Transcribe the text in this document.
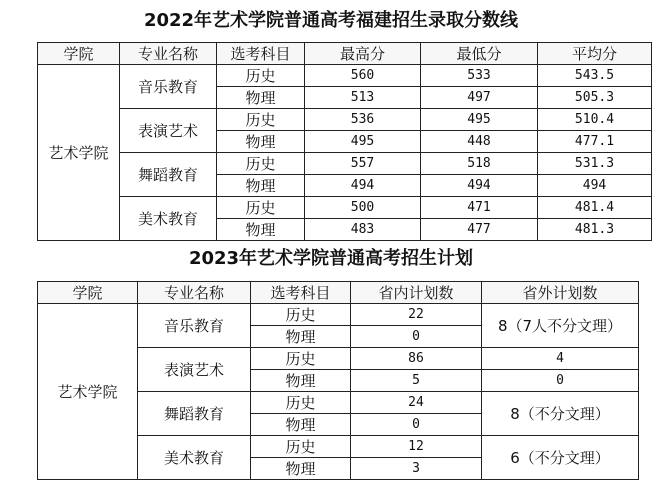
2022年艺术学院普通高考福建招生录取分数线
学院	专业名称	选考科目	最高分	最低分	平均分
艺术学院	音乐教育	历史	560	533	543.5
		物理	513	497	505.3
	表演艺术	历史	536	495	510.4
		物理	495	448	477.1
	舞蹈教育	历史	557	518	531.3
		物理	494	494	494
	美术教育	历史	500	471	481.4
		物理	483	477	481.3
2023年艺术学院普通高考招生计划
学院	专业名称	选考科目	省内计划数	省外计划数
艺术学院	音乐教育	历史	22	8（7人不分文理）
		物理	0	
	表演艺术	历史	86	4
		物理	5	0
	舞蹈教育	历史	24	8（不分文理）
		物理	0	
	美术教育	历史	12	6（不分文理）
		物理	3	
